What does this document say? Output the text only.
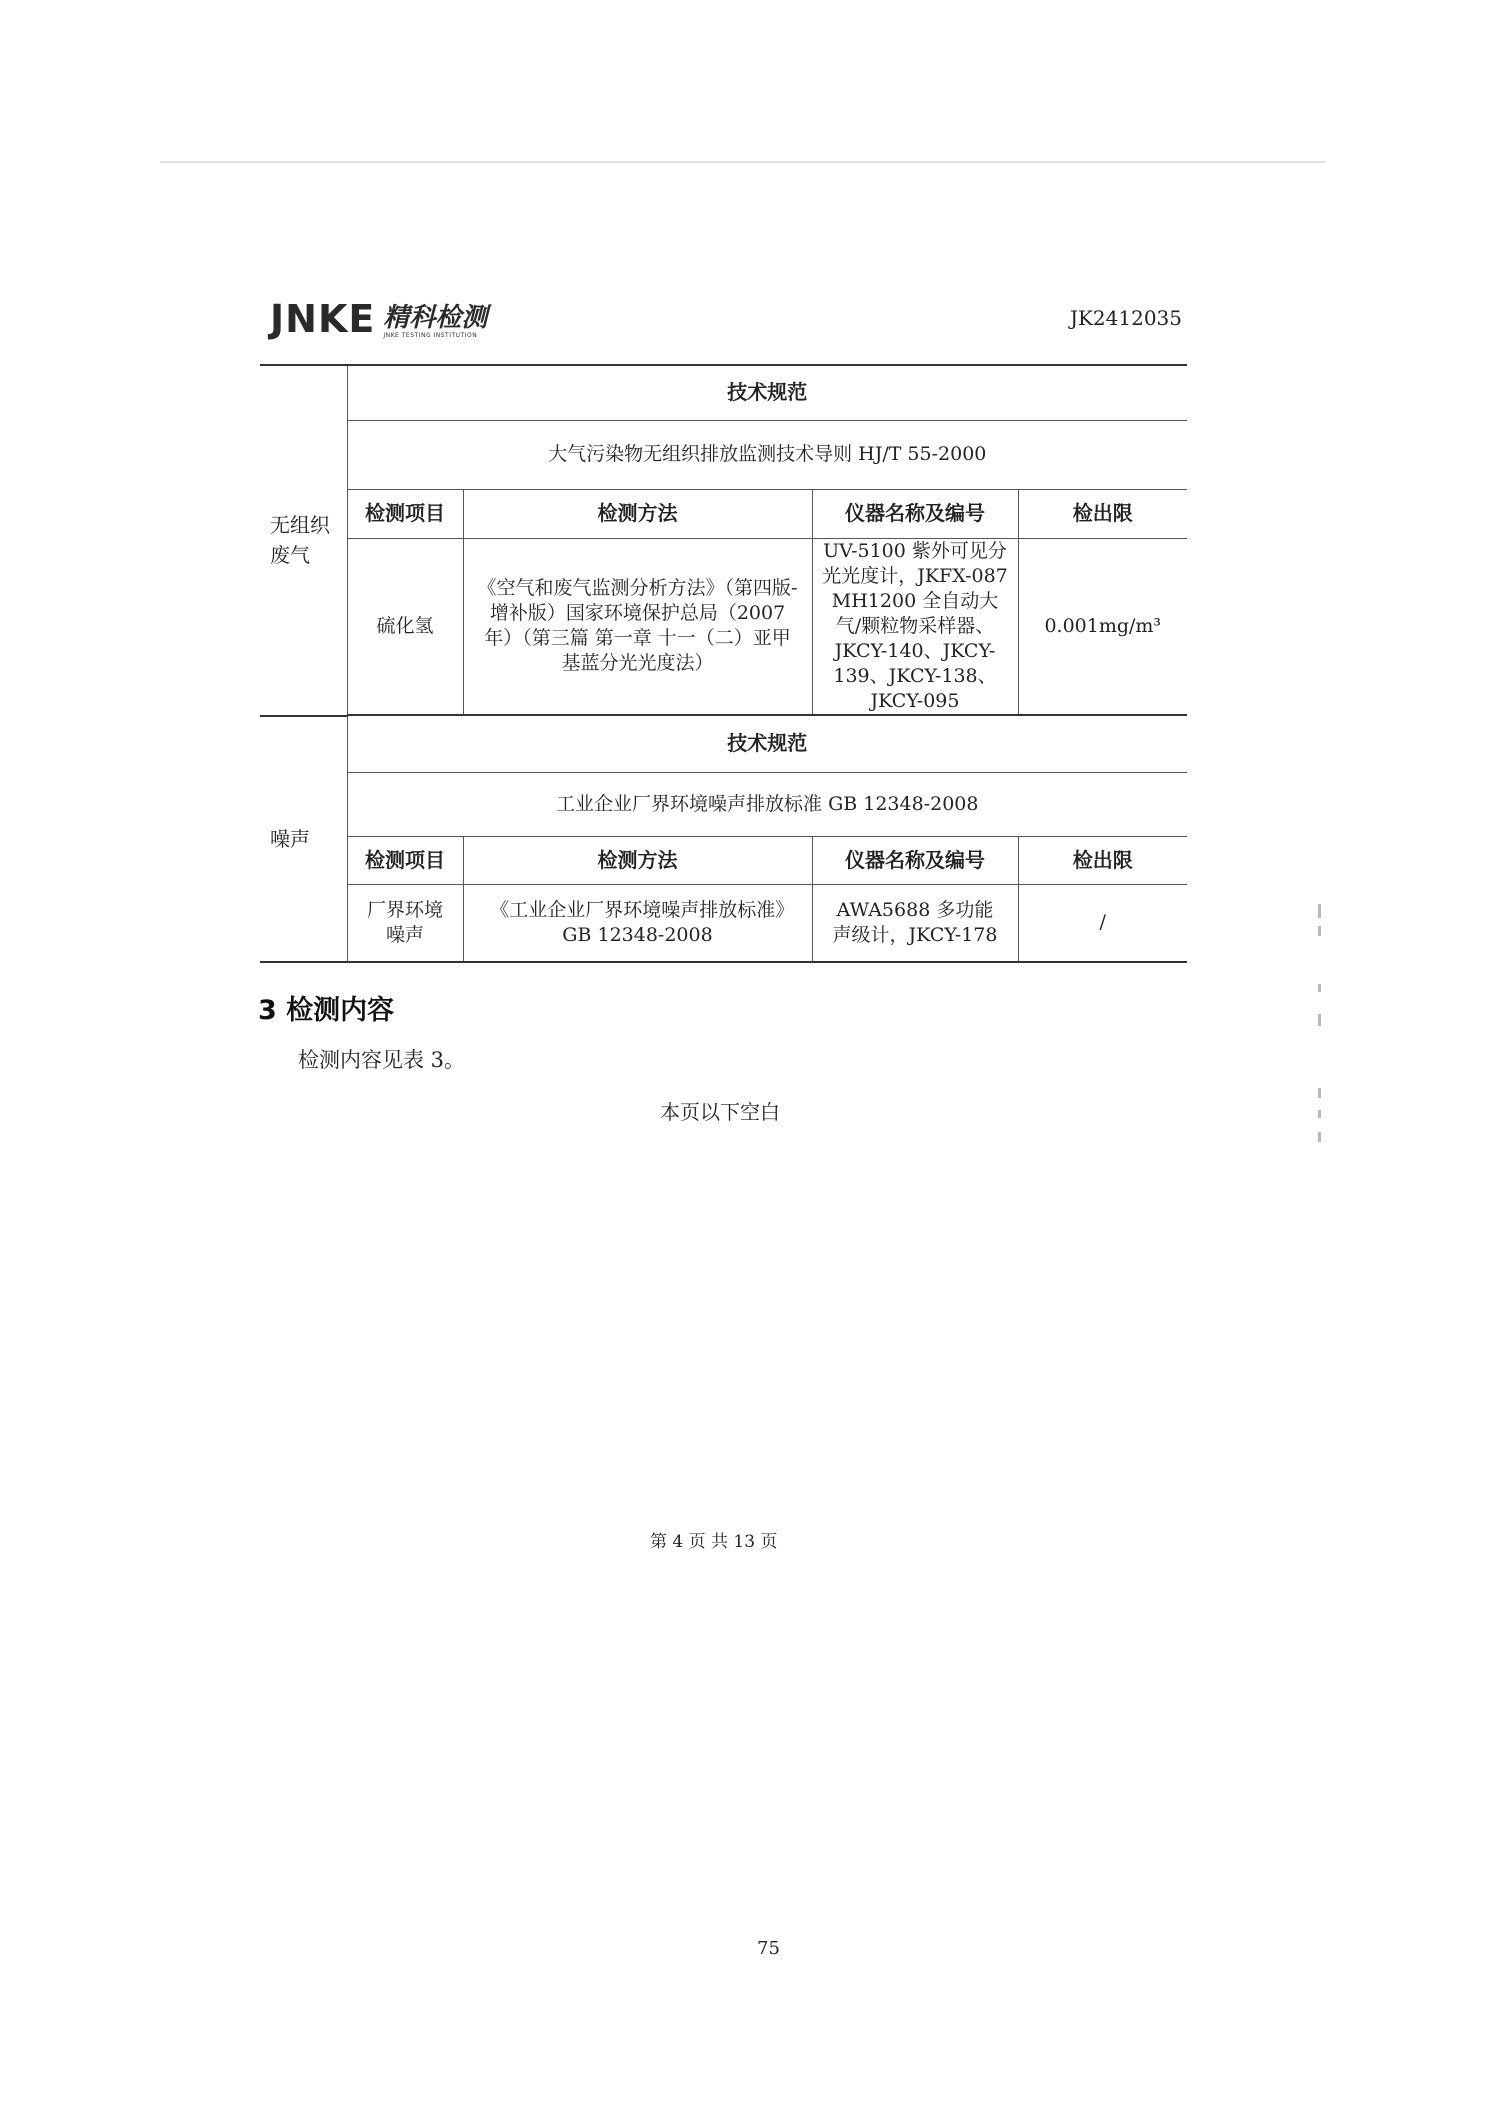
JNKE 精科检测
JNKE TESTING INSTITUTION
JK2412035
无组织废气	技术规范			
	大气污染物无组织排放监测技术导则 HJ/T 55-2000			
	检测项目	检测方法	仪器名称及编号	检出限
	硫化氢	《空气和废气监测分析方法》（第四版-增补版）国家环境保护总局（2007年）（第三篇 第一章 十一（二）亚甲基蓝分光光度法）	UV-5100 紫外可见分光光度计，JKFX-087 MH1200 全自动大气/颗粒物采样器、JKCY-140、JKCY-139、JKCY-138、JKCY-095	0.001mg/m³

噪声	技术规范			
	工业企业厂界环境噪声排放标准 GB 12348-2008			
	检测项目	检测方法	仪器名称及编号	检出限
	厂界环境噪声	《工业企业厂界环境噪声排放标准》GB 12348-2008	AWA5688 多功能声级计，JKCY-178	/
3 检测内容
检测内容见表 3。
本页以下空白
第 4 页 共 13 页
75
